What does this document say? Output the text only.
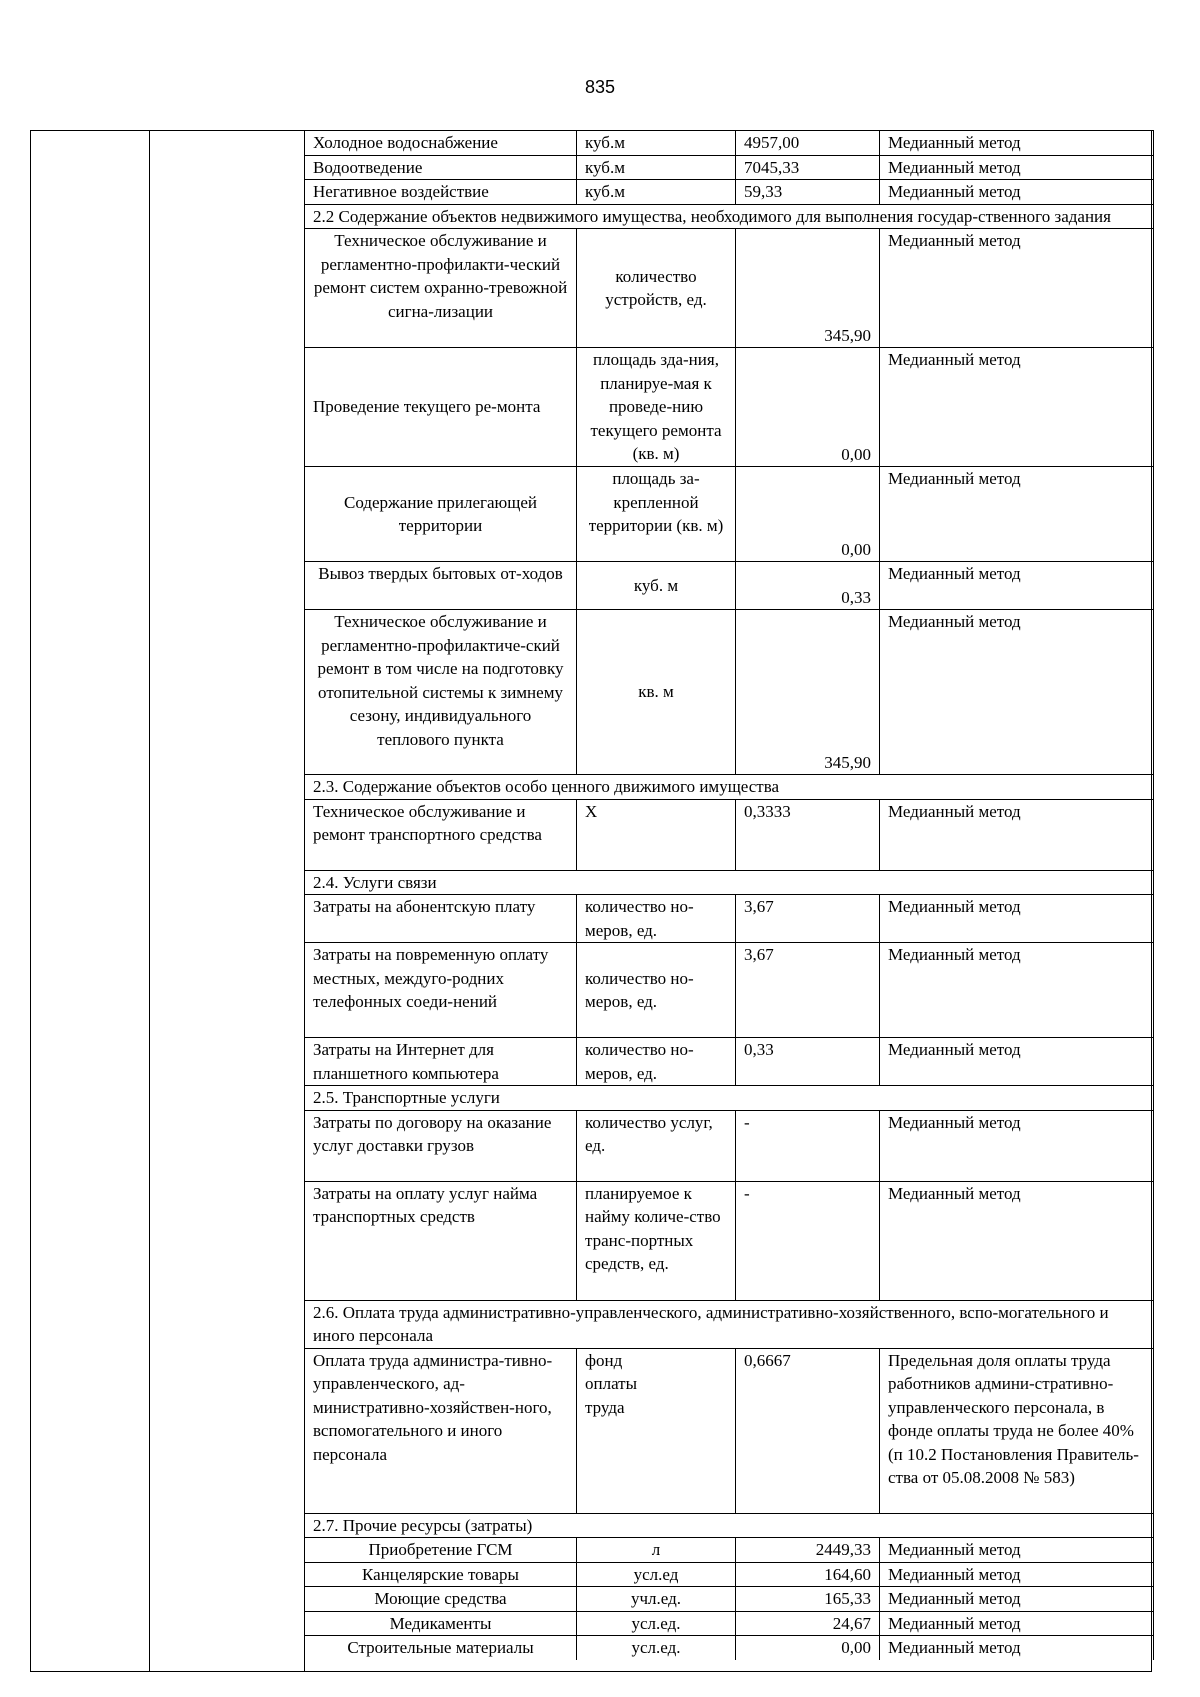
835
Холодное водоснабжение	куб.м	4957,00	Медианный метод
Водоотведение	куб.м	7045,33	Медианный метод
Негативное воздействие	куб.м	59,33	Медианный метод
2.2 Содержание объектов недвижимого имущества, необходимого для выполнения государ-ственного задания			
Техническое обслуживание и регламентно-профилакти-ческий ремонт систем охранно-тревожной сигна-лизации	количество устройств, ед.	345,90	Медианный метод
Проведение текущего ре-монта	площадь зда-ния, планируе-мая к проведе-нию текущего ремонта (кв. м)	0,00	Медианный метод
Содержание прилегающей территории	площадь за-крепленной территории (кв. м)	0,00	Медианный метод
Вывоз твердых бытовых от-ходов	куб. м	0,33	Медианный метод
Техническое обслуживание и регламентно-профилактиче-ский ремонт в том числе на подготовку отопительной системы к зимнему сезону, индивидуального теплового пункта	кв. м	345,90	Медианный метод
2.3. Содержание объектов особо ценного движимого имущества			
Техническое обслуживание и ремонт транспортного средства	Х	0,3333	Медианный метод
2.4. Услуги связи			
Затраты на абонентскую плату	количество но-меров, ед.	3,67	Медианный метод
Затраты на повременную оплату местных, междуго-родних телефонных соеди-нений	количество но-меров, ед.	3,67	Медианный метод
Затраты на Интернет для планшетного компьютера	количество но-меров, ед.	0,33	Медианный метод
2.5. Транспортные услуги			
Затраты по договору на оказание услуг доставки грузов	количество услуг, ед.	-	Медианный метод
Затраты на оплату услуг найма транспортных средств	планируемое к найму количе-ство транс-портных средств, ед.	-	Медианный метод
2.6. Оплата труда административно-управленческого, административно-хозяйственного, вспо-могательного и иного персонала			
Оплата труда администра-тивно-управленческого, ад-министративно-хозяйствен-ного, вспомогательного и иного персонала	фонд оплаты труда	0,6667	Предельная доля оплаты труда работников админи-стративно-управленческого персонала, в фонде оплаты труда не более 40% (п 10.2 Постановления Правитель-ства от 05.08.2008 № 583)
2.7. Прочие ресурсы (затраты)			
Приобретение ГСМ	л	2449,33	Медианный метод
Канцелярские товары	усл.ед	164,60	Медианный метод
Моющие средства	учл.ед.	165,33	Медианный метод
Медикаменты	усл.ед.	24,67	Медианный метод
Строительные материалы	усл.ед.	0,00	Медианный метод
